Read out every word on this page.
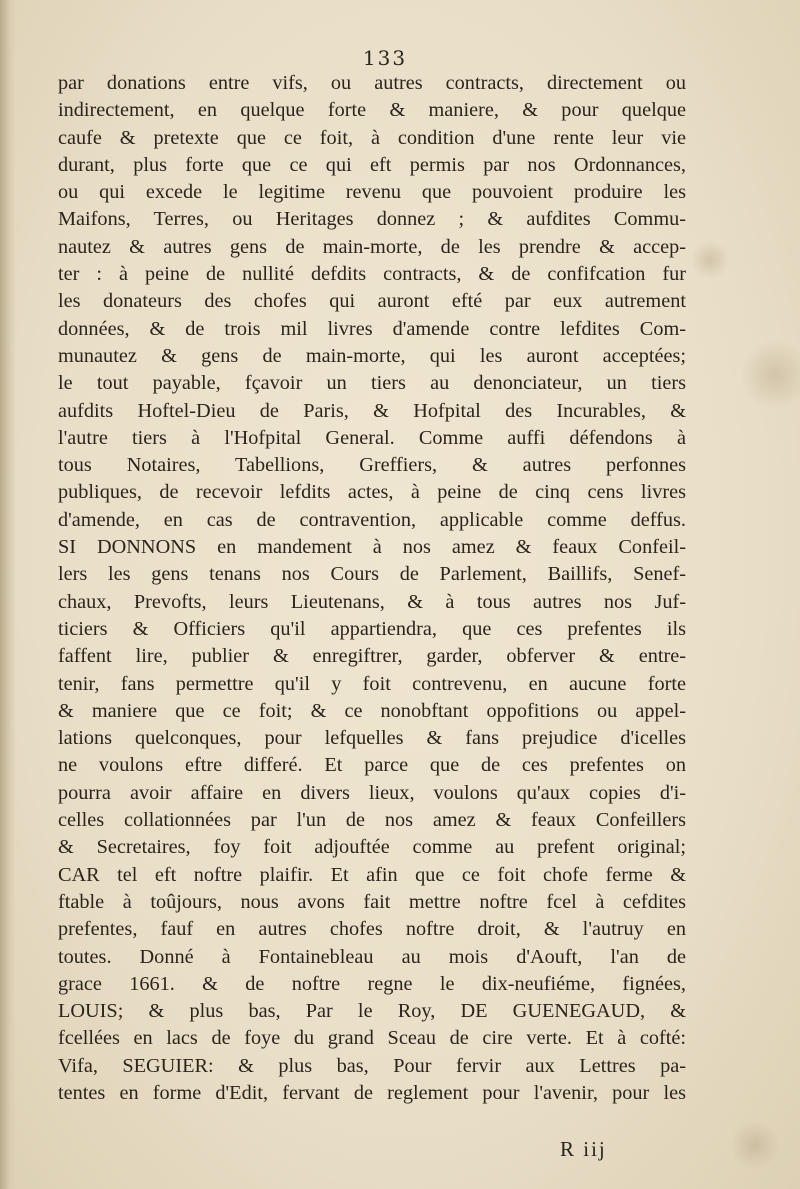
133
par donations entre vifs, ou autres contracts, directement ou
indirectement, en quelque forte & maniere, & pour quelque
caufe & pretexte que ce foit, à condition d'une rente leur vie
durant, plus forte que ce qui eft permis par nos Ordonnances,
ou qui excede le legitime revenu que pouvoient produire les
Maifons, Terres, ou Heritages donnez ; & aufdites Commu-
nautez & autres gens de main-morte, de les prendre & accep-
ter : à peine de nullité defdits contracts, & de confifcation fur
les donateurs des chofes qui auront efté par eux autrement
données, & de trois mil livres d'amende contre lefdites Com-
munautez & gens de main-morte, qui les auront acceptées;
le tout payable, fçavoir un tiers au denonciateur, un tiers
aufdits Hoftel-Dieu de Paris, & Hofpital des Incurables, &
l'autre tiers à l'Hofpital General. Comme auffi défendons à
tous Notaires, Tabellions, Greffiers, & autres perfonnes
publiques, de recevoir lefdits actes, à peine de cinq cens livres
d'amende, en cas de contravention, applicable comme deffus.
SI DONNONS en mandement à nos amez & feaux Confeil-
lers les gens tenans nos Cours de Parlement, Baillifs, Senef-
chaux, Prevofts, leurs Lieutenans, & à tous autres nos Juf-
ticiers & Officiers qu'il appartiendra, que ces prefentes ils
faffent lire, publier & enregiftrer, garder, obferver & entre-
tenir, fans permettre qu'il y foit contrevenu, en aucune forte
& maniere que ce foit; & ce nonobftant oppofitions ou appel-
lations quelconques, pour lefquelles & fans prejudice d'icelles
ne voulons eftre differé. Et parce que de ces prefentes on
pourra avoir affaire en divers lieux, voulons qu'aux copies d'i-
celles collationnées par l'un de nos amez & feaux Confeillers
& Secretaires, foy foit adjouftée comme au prefent original;
CAR tel eft noftre plaifir. Et afin que ce foit chofe ferme &
ftable à toûjours, nous avons fait mettre noftre fcel à cefdites
prefentes, fauf en autres chofes noftre droit, & l'autruy en
toutes. Donné à Fontainebleau au mois d'Aouft, l'an de
grace 1661. & de noftre regne le dix-neufiéme, fignées,
LOUIS; & plus bas, Par le Roy, DE GUENEGAUD, &
fcellées en lacs de foye du grand Sceau de cire verte. Et à cofté:
Vifa, SEGUIER: & plus bas, Pour fervir aux Lettres pa-
tentes en forme d'Edit, fervant de reglement pour l'avenir, pour les
R iij
